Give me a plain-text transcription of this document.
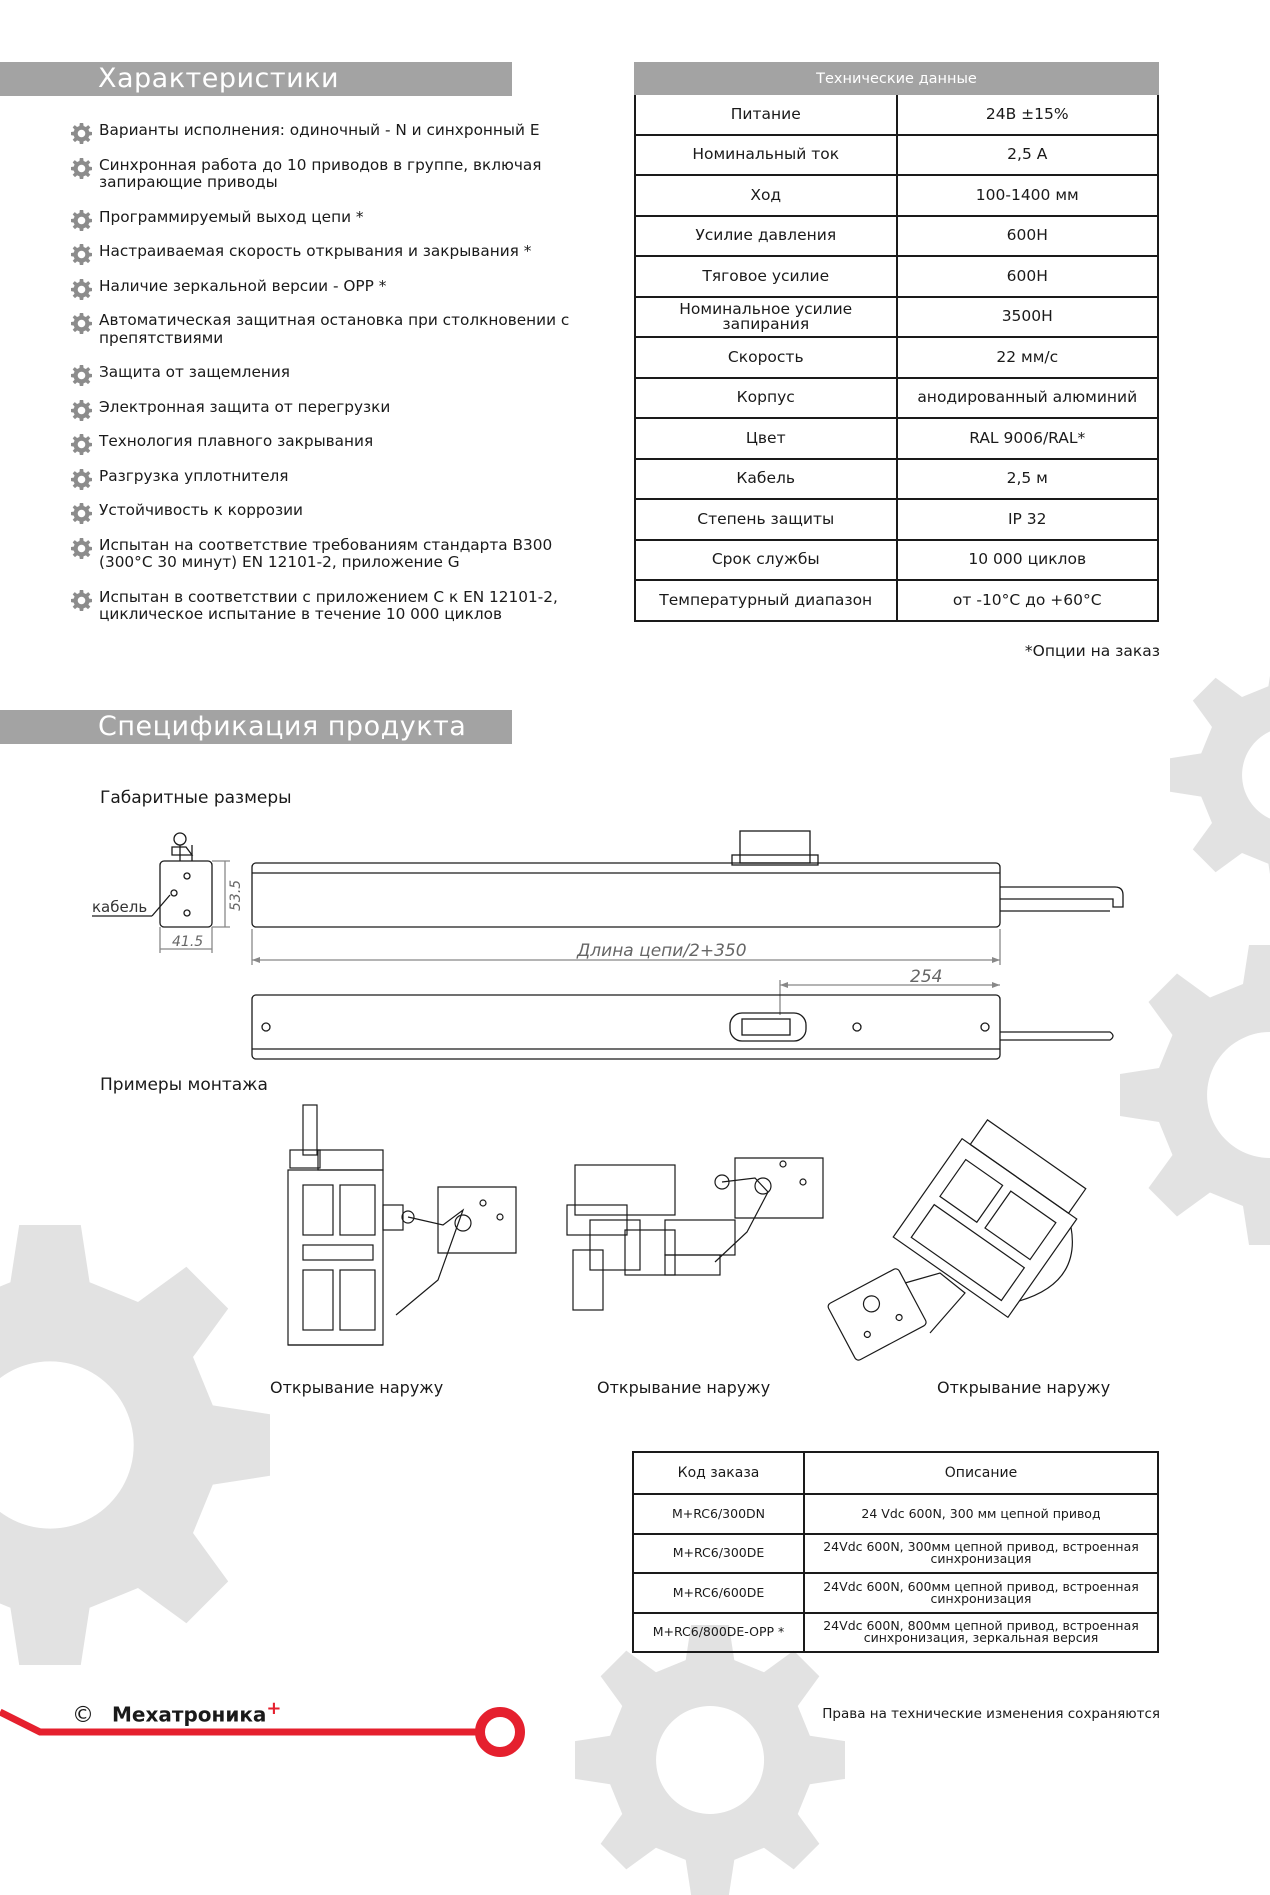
Характеристики
Варианты исполнения: одиночный - N и синхронный E
Синхронная работа до 10 приводов в группе, включая запирающие приводы
Программируемый выход цепи *
Настраиваемая скорость открывания и закрывания *
Наличие зеркальной версии - OPP *
Автоматическая защитная остановка при столкновении с препятствиями
Защита от защемления
Электронная защита от перегрузки
Технология плавного закрывания
Разгрузка уплотнителя
Устойчивость к коррозии
Испытан на соответствие требованиям стандарта B300 (300°C 30 минут) EN 12101-2, приложение G
Испытан в соответствии с приложением С к EN 12101-2, циклическое испытание в течение 10 000 циклов
Технические данные	
Питание	24В ±15%
Номинальный ток	2,5 А
Ход	100-1400 мм
Усилие давления	600Н
Тяговое усилие	600Н
Номинальное усилие запирания	3500Н
Скорость	22 мм/с
Корпус	анодированный алюминий
Цвет	RAL 9006/RAL*
Кабель	2,5 м
Степень защиты	IP 32
Срок службы	10 000 циклов
Температурный диапазон	от -10°С до +60°С
*Опции на заказ
Спецификация продукта
Габаритные размеры
кабель	53.5
41.5	Длина цепи/2+350
254
Примеры монтажа
Открывание наружу	Открывание наружу	Открывание наружу
Код заказа	Описание
M+RC6/300DN	24 Vdc 600N, 300 мм цепной привод
M+RC6/300DE	24Vdc 600N, 300мм цепной привод, встроенная синхронизация
M+RC6/600DE	24Vdc 600N, 600мм цепной привод, встроенная синхронизация
M+RC6/800DE-OPP *	24Vdc 600N, 800мм цепной привод, встроенная синхронизация, зеркальная версия
© Мехатроника+	Права на технические изменения сохраняются
